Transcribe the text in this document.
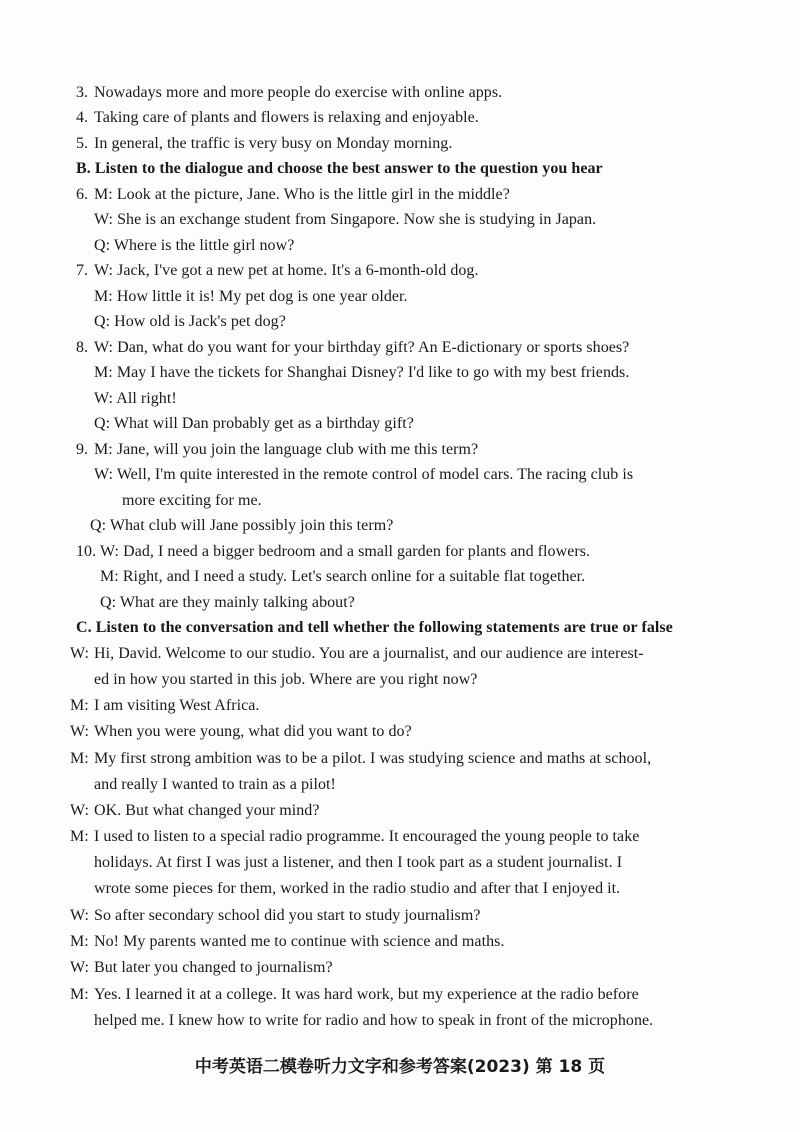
3. Nowadays more and more people do exercise with online apps.
4. Taking care of plants and flowers is relaxing and enjoyable.
5. In general, the traffic is very busy on Monday morning.
B. Listen to the dialogue and choose the best answer to the question you hear
6. M: Look at the picture, Jane. Who is the little girl in the middle?
W: She is an exchange student from Singapore. Now she is studying in Japan.
Q: Where is the little girl now?
7. W: Jack, I've got a new pet at home. It's a 6-month-old dog.
M: How little it is! My pet dog is one year older.
Q: How old is Jack's pet dog?
8. W: Dan, what do you want for your birthday gift? An E-dictionary or sports shoes?
M: May I have the tickets for Shanghai Disney? I'd like to go with my best friends.
W: All right!
Q: What will Dan probably get as a birthday gift?
9. M: Jane, will you join the language club with me this term?
W: Well, I'm quite interested in the remote control of model cars. The racing club is
more exciting for me.
Q: What club will Jane possibly join this term?
10. W: Dad, I need a bigger bedroom and a small garden for plants and flowers.
M: Right, and I need a study. Let's search online for a suitable flat together.
Q: What are they mainly talking about?
C. Listen to the conversation and tell whether the following statements are true or false
W: Hi, David. Welcome to our studio. You are a journalist, and our audience are interest-
ed in how you started in this job. Where are you right now?
M: I am visiting West Africa.
W: When you were young, what did you want to do?
M: My first strong ambition was to be a pilot. I was studying science and maths at school,
and really I wanted to train as a pilot!
W: OK. But what changed your mind?
M: I used to listen to a special radio programme. It encouraged the young people to take
holidays. At first I was just a listener, and then I took part as a student journalist. I
wrote some pieces for them, worked in the radio studio and after that I enjoyed it.
W: So after secondary school did you start to study journalism?
M: No! My parents wanted me to continue with science and maths.
W: But later you changed to journalism?
M: Yes. I learned it at a college. It was hard work, but my experience at the radio before
helped me. I knew how to write for radio and how to speak in front of the microphone.
中考英语二模卷听力文字和参考答案(2023) 第 18 页
